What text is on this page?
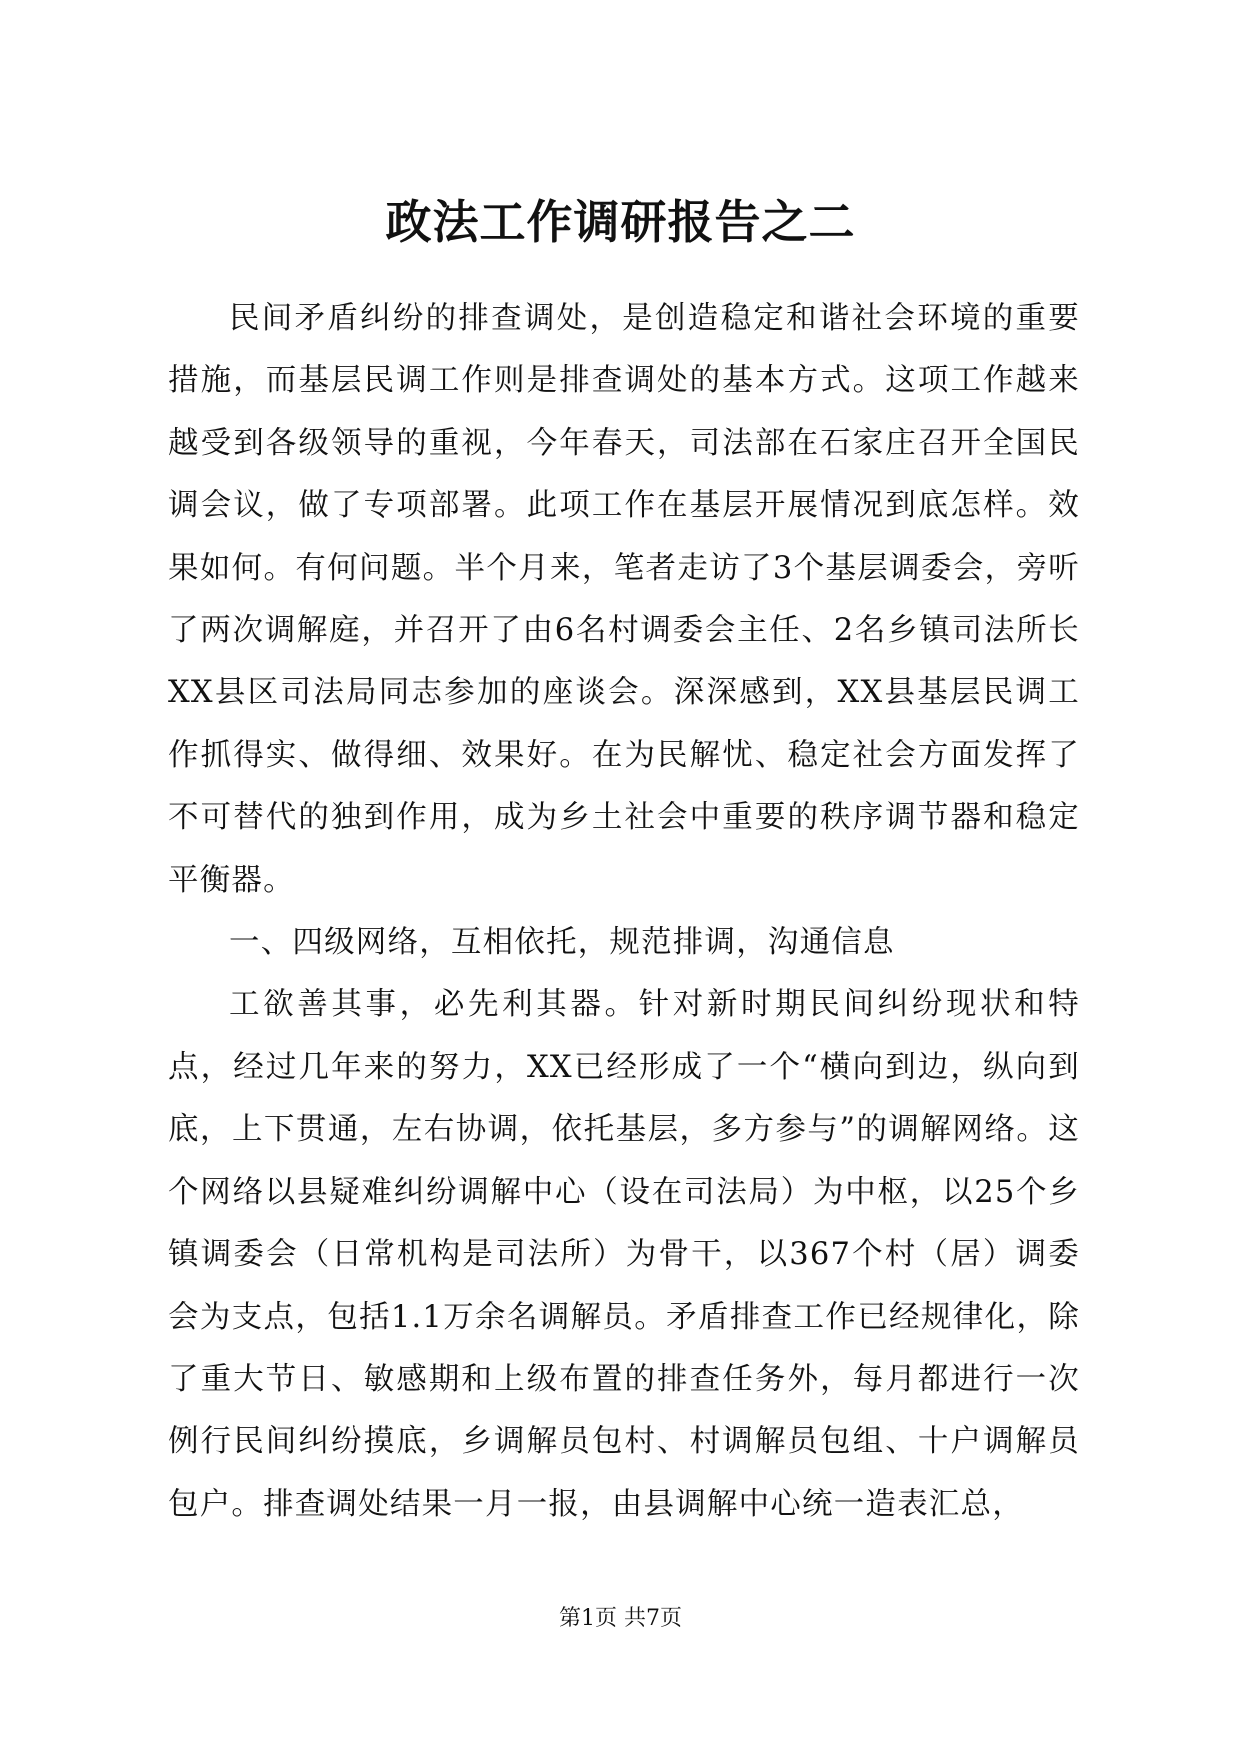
政法工作调研报告之二

民间矛盾纠纷的排查调处，是创造稳定和谐社会环境的重要措施，而基层民调工作则是排查调处的基本方式。这项工作越来越受到各级领导的重视，今年春天，司法部在石家庄召开全国民调会议，做了专项部署。此项工作在基层开展情况到底怎样。效果如何。有何问题。半个月来，笔者走访了3个基层调委会，旁听了两次调解庭，并召开了由6名村调委会主任、2名乡镇司法所长XX县区司法局同志参加的座谈会。深深感到，XX县基层民调工作抓得实、做得细、效果好。在为民解忧、稳定社会方面发挥了不可替代的独到作用，成为乡土社会中重要的秩序调节器和稳定平衡器。

一、四级网络，互相依托，规范排调，沟通信息

工欲善其事，必先利其器。针对新时期民间纠纷现状和特点，经过几年来的努力，XX已经形成了一个“横向到边，纵向到底，上下贯通，左右协调，依托基层，多方参与”的调解网络。这个网络以县疑难纠纷调解中心（设在司法局）为中枢，以25个乡镇调委会（日常机构是司法所）为骨干，以367个村（居）调委会为支点，包括1.1万余名调解员。矛盾排查工作已经规律化，除了重大节日、敏感期和上级布置的排查任务外，每月都进行一次例行民间纠纷摸底，乡调解员包村、村调解员包组、十户调解员包户。排查调处结果一月一报，由县调解中心统一造表汇总，

第1页 共7页
